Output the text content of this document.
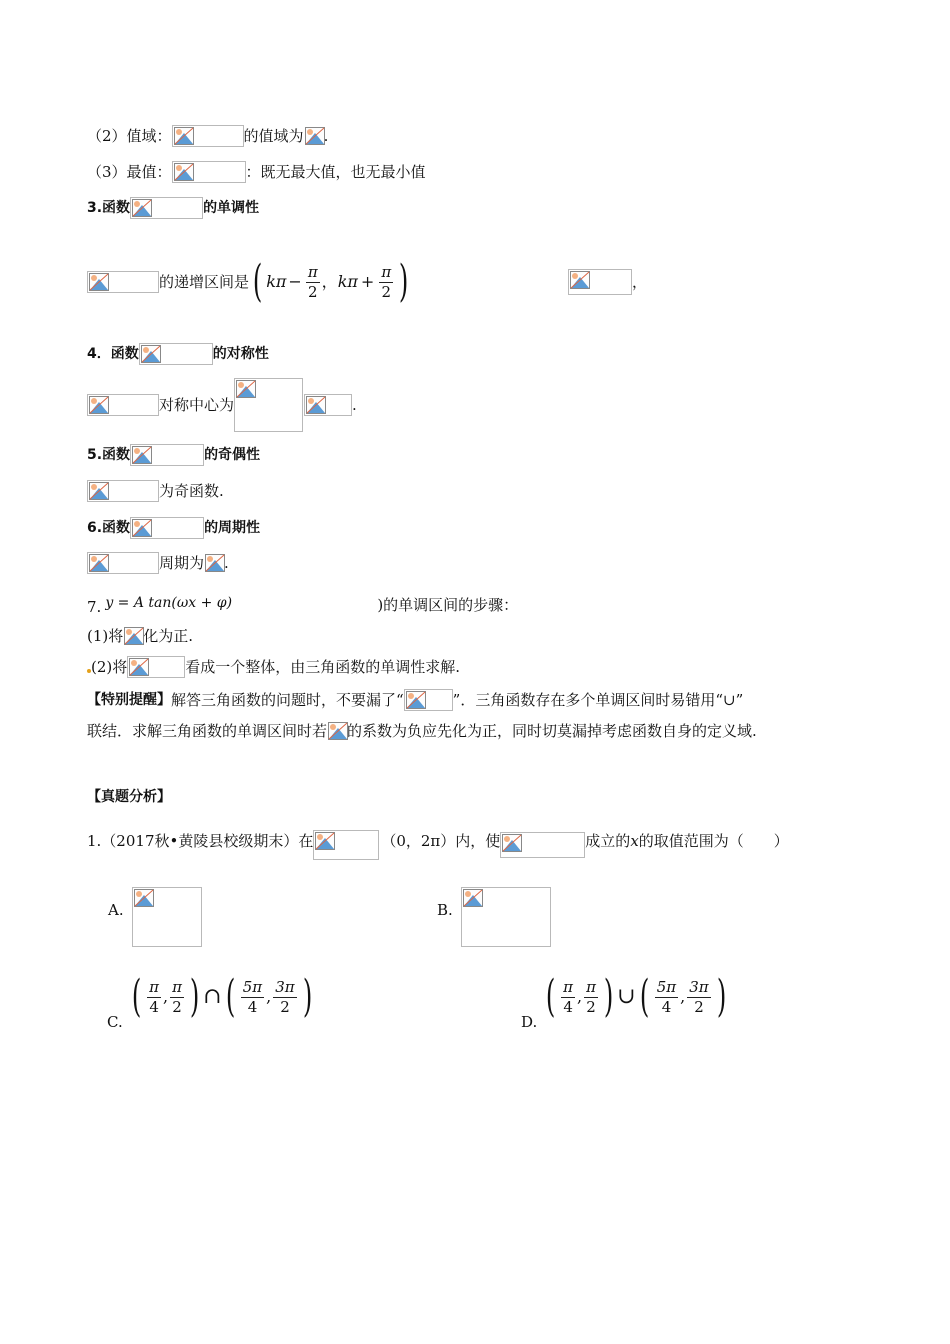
（2）值域：	的值域为 .
（3）最值：	：既无最大值，也无最小值
3.函数	的单调性
的递增区间是 ( k $\pi - \frac{\pi}{2}$ ， k $\pi + \frac{\pi}{2}$ )	，
4．函数	的对称性
对称中心为	.
5.函数	的奇偶性
为奇函数.
6.函数	的周期性
周期为 .
7. y = A tan(ωx + φ)	)的单调区间的步骤：
(1)将 化为正.
(2)将	看成一个整体，由三角函数的单调性求解.
【特别提醒】 解答三角函数的问题时，不要漏了“	”．三角函数存在多个单调区间时易错用“∪”
联结．求解三角函数的单调区间时若 的系数为负应先化为正，同时切莫漏掉考虑函数自身的定义域.
【真题分析】
1.（2017秋•黄陵县校级期末）在	（0，2π）内，使	成立的 x 的取值范围为（　　）
A.	B.
C. ( $\frac{\pi}{4}$ , $\frac{\pi}{2}$ ) ∩ ( $\frac{5\pi}{4}$ , $\frac{3\pi}{2}$ )	D. ( $\frac{\pi}{4}$ , $\frac{\pi}{2}$ ) ∪ ( $\frac{5\pi}{4}$ , $\frac{3\pi}{2}$ )
